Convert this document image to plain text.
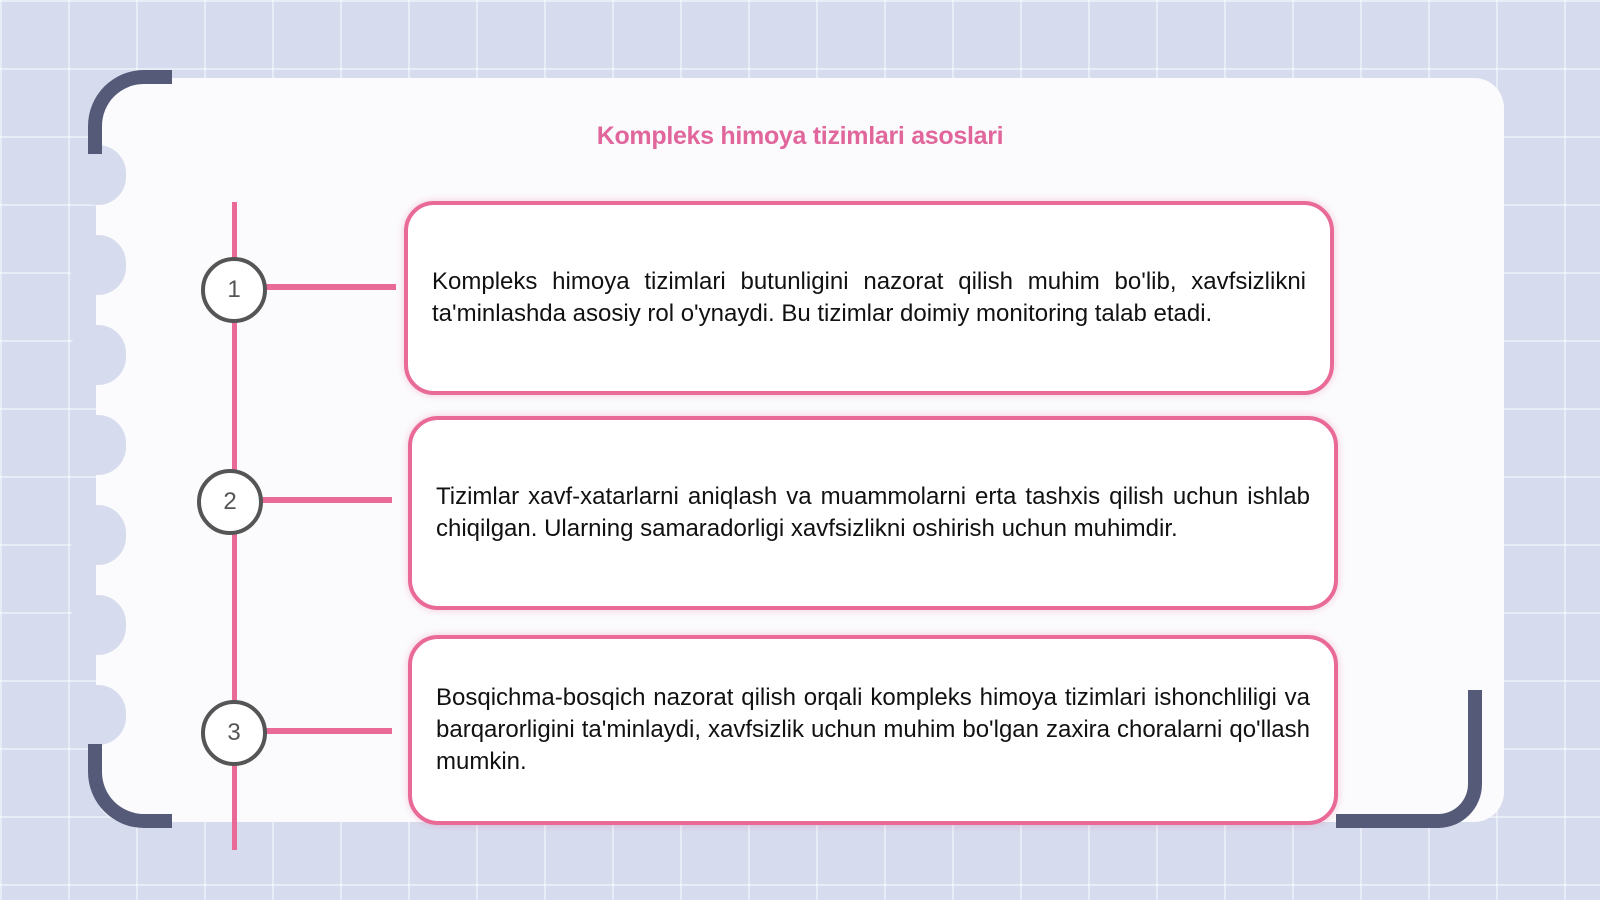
Kompleks himoya tizimlari asoslari
1	Kompleks himoya tizimlari butunligini nazorat qilish muhim bo'lib, xavfsizlikni ta'minlashda asosiy rol o'ynaydi. Bu tizimlar doimiy monitoring talab etadi.

2	Tizimlar xavf-xatarlarni aniqlash va muammolarni erta tashxis qilish uchun ishlab chiqilgan. Ularning samaradorligi xavfsizlikni oshirish uchun muhimdir.

3

Bosqichma-bosqich nazorat qilish orqali kompleks himoya tizimlari ishonchliligi va barqarorligini ta'minlaydi, xavfsizlik uchun muhim bo'lgan zaxira choralarni qo'llash mumkin.
